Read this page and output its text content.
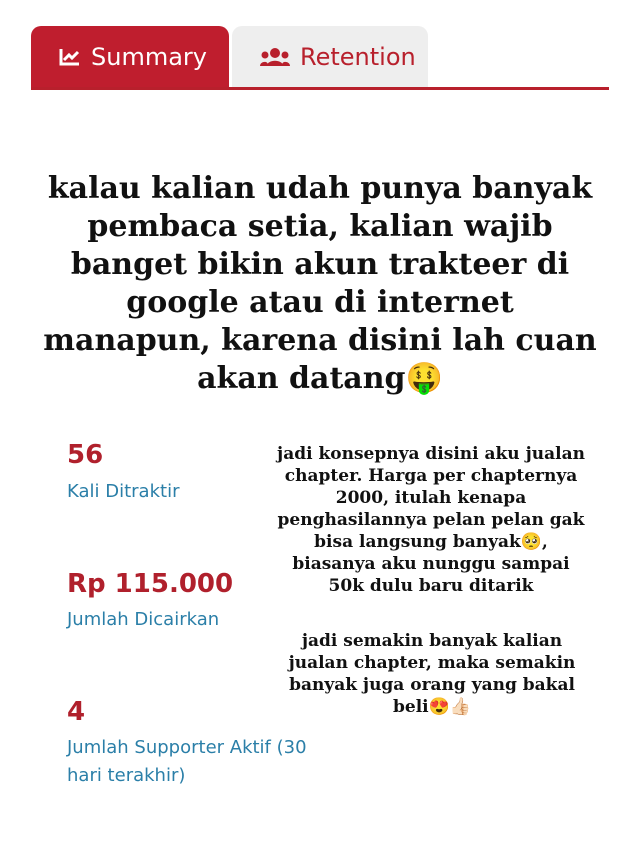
Summary	Retention

kalau kalian udah punya banyak pembaca setia, kalian wajib banget bikin akun trakteer di google atau di internet manapun, karena disini lah cuan akan datang🤑

56

Kali Ditraktir

Rp 115.000

Jumlah Dicairkan

4

Jumlah Supporter Aktif (30 hari terakhir)

jadi konsepnya disini aku jualan chapter. Harga per chapternya 2000, itulah kenapa penghasilannya pelan pelan gak bisa langsung banyak🥺, biasanya aku nunggu sampai 50k dulu baru ditarik

jadi semakin banyak kalian jualan chapter, maka semakin banyak juga orang yang bakal beli😍👍🏻
